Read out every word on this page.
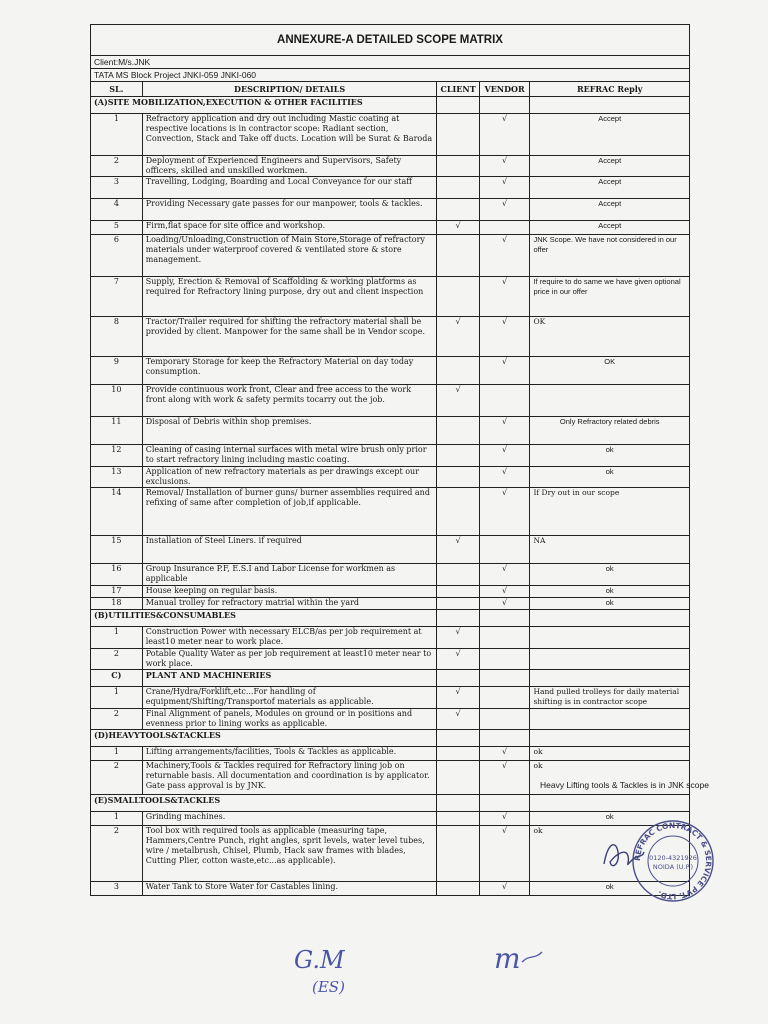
ANNEXURE-A DETAILED SCOPE MATRIX				
Client:M/s.JNK				
TATA MS Block Project JNKI-059 JNKI-060				
SL.	DESCRIPTION/ DETAILS	CLIENT	VENDOR	REFRAC Reply
(A)SITE MOBILIZATION,EXECUTION & OTHER FACILITIES				
1	Refractory application and dry out including Mastic coating at respective locations is in contractor scope: Radiant section, Convection, Stack and Take off ducts. Location will be Surat & Baroda		√	Accept
2	Deployment of Experienced Engineers and Supervisors, Safety officers, skilled and unskilled workmen.		√	Accept
3	Travelling, Lodging, Boarding and Local Conveyance for our staff		√	Accept
4	Providing Necessary gate passes for our manpower, tools & tackles.		√	Accept
5	Firm,flat space for site office and workshop.	√		Accept
6	Loading/Unloading,Construction of Main Store,Storage of refractory materials under waterproof covered & ventilated store & store management.		√	JNK Scope. We have not considered in our offer
7	Supply, Erection & Removal of Scaffolding & working platforms as required for Refractory lining purpose, dry out and client inspection		√	If require to do same we have given optional price in our offer
8	Tractor/Trailer required for shifting the refractory material shall be provided by client. Manpower for the same shall be in Vendor scope.	√	√	OK
9	Temporary Storage for keep the Refractory Material on day today consumption.		√	OK
10	Provide continuous work front, Clear and free access to the work front along with work & safety permits tocarry out the job.	√		
11	Disposal of Debris within shop premises.		√	Only Refractory related debris
12	Cleaning of casing internal surfaces with metal wire brush only prior to start refractory lining including mastic coating.		√	ok
13	Application of new refractory materials as per drawings except our exclusions.		√	ok
14	Removal/ Installation of burner guns/ burner assemblies required and refixing of same after completion of job,if applicable.		√	If Dry out in our scope
15	Installation of Steel Liners. if required	√		NA
16	Group Insurance P.F, E.S.I and Labor License for workmen as applicable		√	ok
17	House keeping on regular basis.		√	ok
18	Manual trolley for refractory matrial within the yard		√	ok
(B)UTILITIES&CONSUMABLES				
1	Construction Power with necessary ELCB/as per job requirement at least10 meter near to work place.	√		
2	Potable Quality Water as per job requirement at least10 meter near to work place.	√		
C)	PLANT AND MACHINERIES			
1	Crane/Hydra/Forklift,etc...For handling of equipment/Shifting/Transportof materials as applicable.	√		Hand pulled trolleys for daily material shifting is in contractor scope
2	Final Alignment of panels, Modules on ground or in positions and evenness prior to lining works as applicable.	√		
(D)HEAVYTOOLS&TACKLES				
1	Lifting arrangements/facilities, Tools & Tackles as applicable.		√	ok
2	Machinery,Tools & Tackles required for Refractory lining job on returnable basis. All documentation and coordination is by applicator. Gate pass approval is by JNK.		√	ok
(E)SMALLTOOLS&TACKLES				
1	Grinding machines.		√	ok
2	Tool box with required tools as applicable (measuring tape, Hammers,Centre Punch, right angles, sprit levels, water level tubes, wire / metalbrush, Chisel, Plumb, Hack saw frames with blades, Cutting Plier, cotton waste,etc...as applicable).		√	ok
3	Water Tank to Store Water for Castables lining.		√	ok
Heavy Lifting tools & Tackles is in JNK scope
REFRAC CONTRACT & SERVICE PVT. LTD.
0120-4321926
NOIDA (U.P.)
G.M
(ES)
m
